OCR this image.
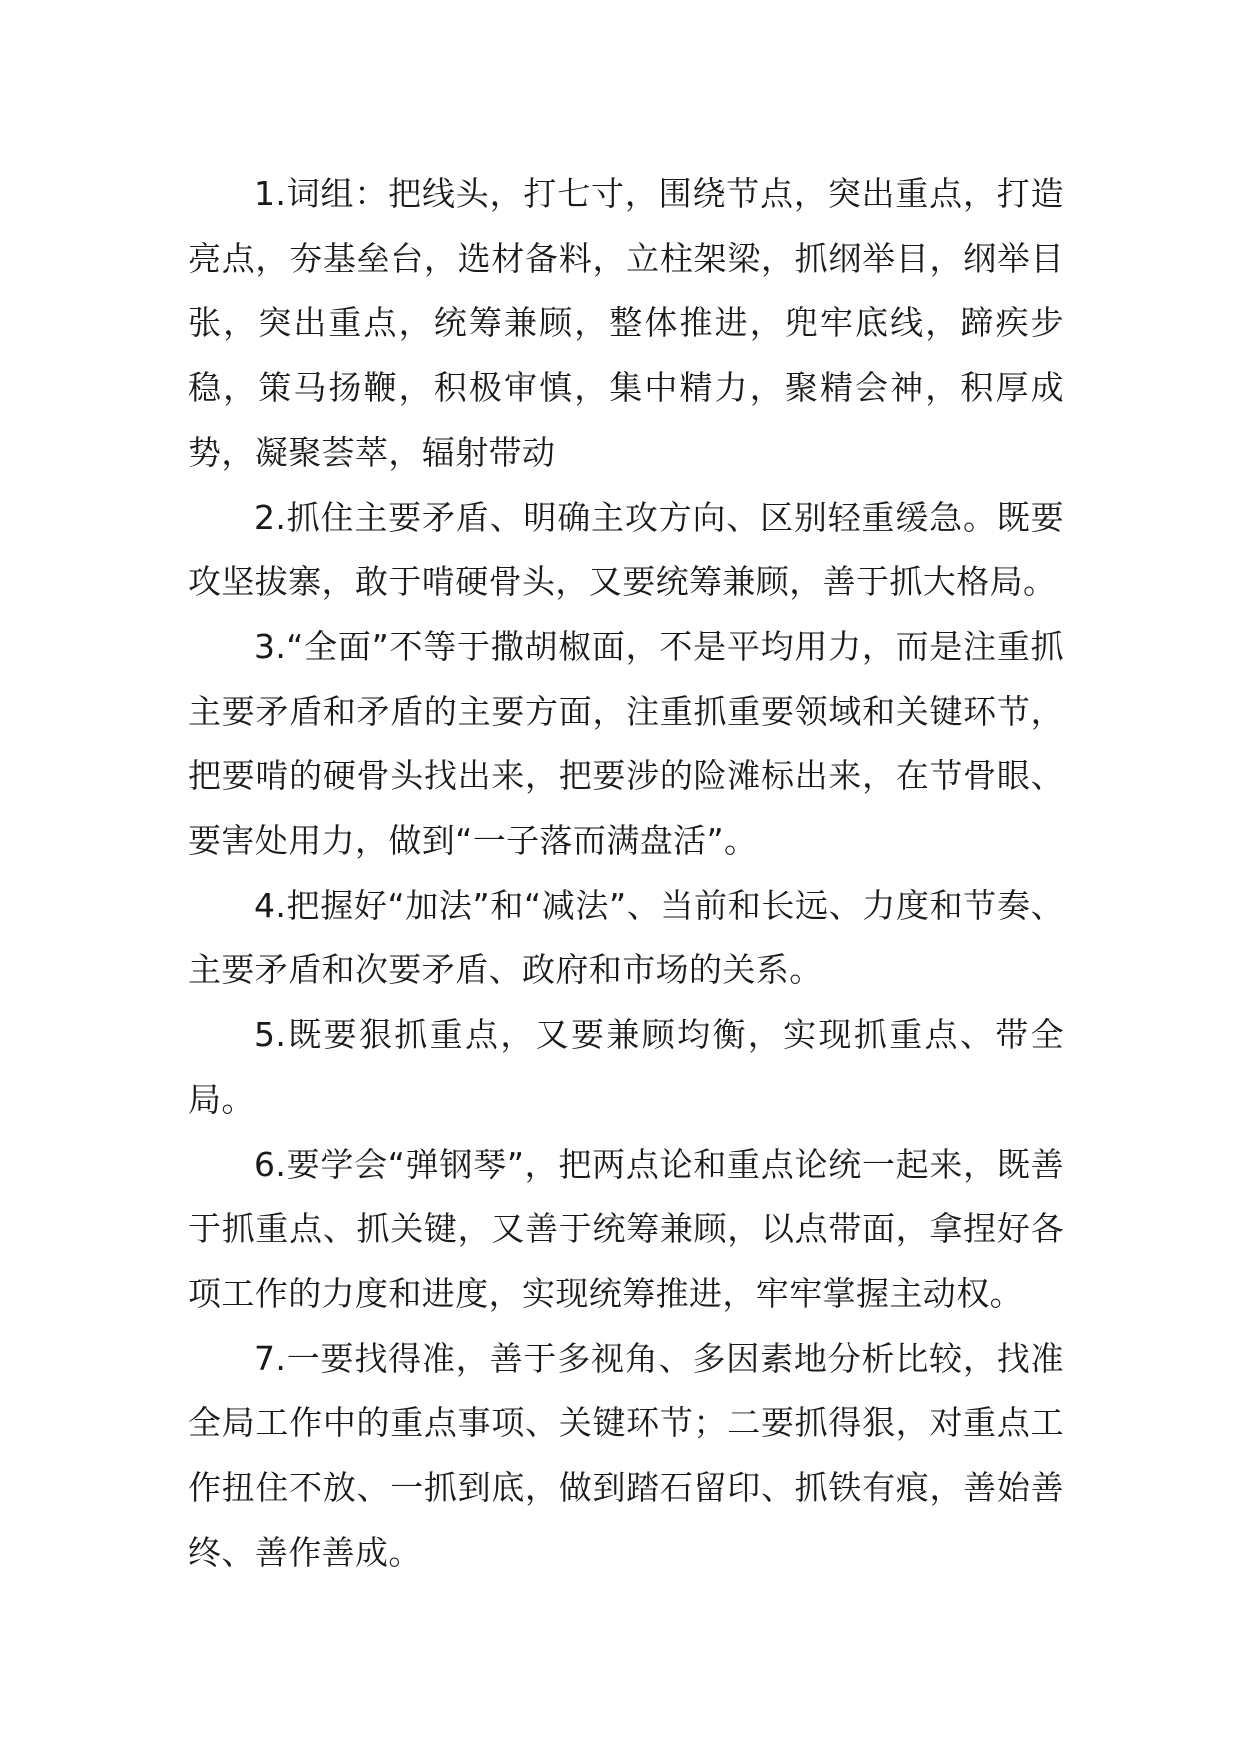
1.词组：把线头，打七寸，围绕节点，突出重点，打造亮点，夯基垒台，选材备料，立柱架梁，抓纲举目，纲举目张，突出重点，统筹兼顾，整体推进，兜牢底线，蹄疾步稳，策马扬鞭，积极审慎，集中精力，聚精会神，积厚成势，凝聚荟萃，辐射带动

2.抓住主要矛盾、明确主攻方向、区别轻重缓急。既要攻坚拔寨，敢于啃硬骨头，又要统筹兼顾，善于抓大格局。

3.“全面”不等于撒胡椒面，不是平均用力，而是注重抓主要矛盾和矛盾的主要方面，注重抓重要领域和关键环节，把要啃的硬骨头找出来，把要涉的险滩标出来，在节骨眼、要害处用力，做到“一子落而满盘活”。

4.把握好“加法”和“减法”、当前和长远、力度和节奏、主要矛盾和次要矛盾、政府和市场的关系。

5.既要狠抓重点，又要兼顾均衡，实现抓重点、带全局。

6.要学会“弹钢琴”，把两点论和重点论统一起来，既善于抓重点、抓关键，又善于统筹兼顾，以点带面，拿捏好各项工作的力度和进度，实现统筹推进，牢牢掌握主动权。

7.一要找得准，善于多视角、多因素地分析比较，找准全局工作中的重点事项、关键环节；二要抓得狠，对重点工作扭住不放、一抓到底，做到踏石留印、抓铁有痕，善始善终、善作善成。
